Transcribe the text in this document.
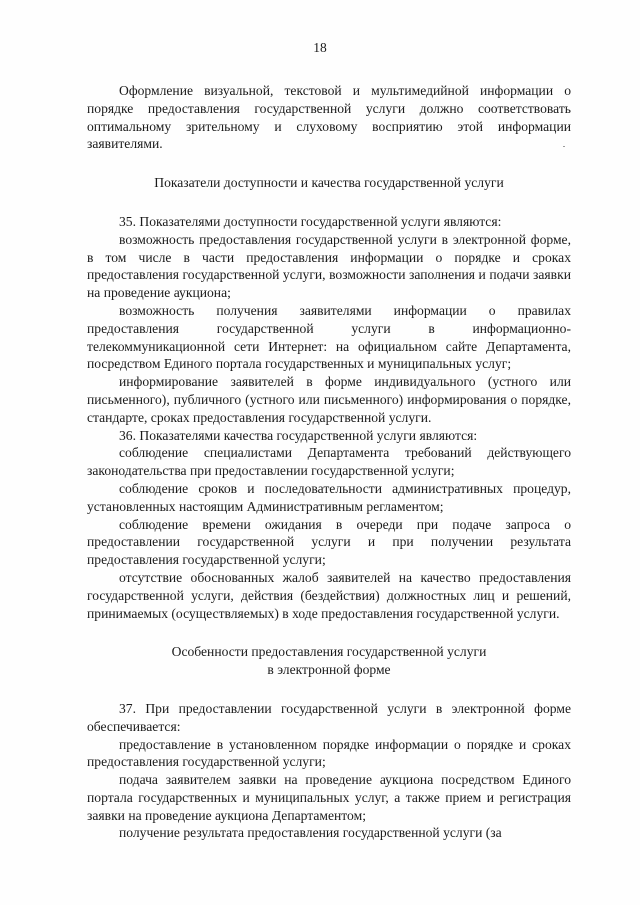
18

Оформление визуальной, текстовой и мультимедийной информации о порядке предоставления государственной услуги должно соответствовать оптимальному зрительному и слуховому восприятию этой информации заявителями.

Показатели доступности и качества государственной услуги

35. Показателями доступности государственной услуги являются:

возможность предоставления государственной услуги в электронной форме, в том числе в части предоставления информации о порядке и сроках предоставления государственной услуги, возможности заполнения и подачи заявки на проведение аукциона;

возможность получения заявителями информации о правилах предоставления государственной услуги в информационно-телекоммуникационной сети Интернет: на официальном сайте Департамента, посредством Единого портала государственных и муниципальных услуг;

информирование заявителей в форме индивидуального (устного или письменного), публичного (устного или письменного) информирования о порядке, стандарте, сроках предоставления государственной услуги.

36. Показателями качества государственной услуги являются:

соблюдение специалистами Департамента требований действующего законодательства при предоставлении государственной услуги;

соблюдение сроков и последовательности административных процедур, установленных настоящим Административным регламентом;

соблюдение времени ожидания в очереди при подаче запроса о предоставлении государственной услуги и при получении результата предоставления государственной услуги;

отсутствие обоснованных жалоб заявителей на качество предоставления государственной услуги, действия (бездействия) должностных лиц и решений, принимаемых (осуществляемых) в ходе предоставления государственной услуги.

Особенности предоставления государственной услуги
в электронной форме

37. При предоставлении государственной услуги в электронной форме обеспечивается:

предоставление в установленном порядке информации о порядке и сроках предоставления государственной услуги;

подача заявителем заявки на проведение аукциона посредством Единого портала государственных и муниципальных услуг, а также прием и регистрация заявки на проведение аукциона Департаментом;

получение результата предоставления государственной услуги (за
